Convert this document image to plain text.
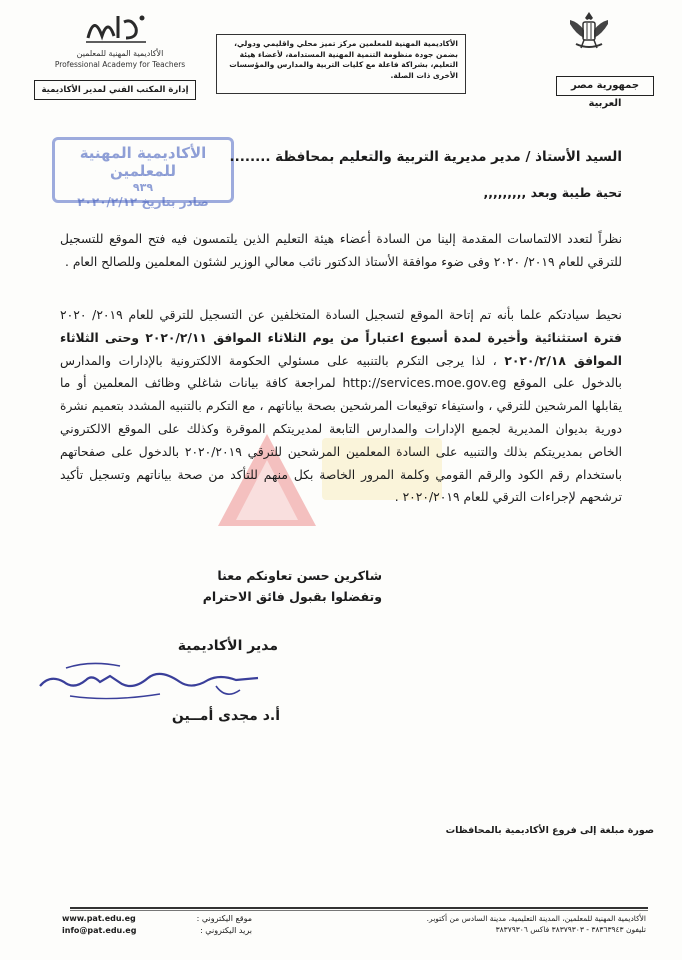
جمهورية مصر العربية
الأكاديمية المهنية للمعلمين مركز تميز محلي واقليمي ودولي، بضمن جودة منظومة التنمية المهنية المستدامة، لأعضاء هيئة التعليم، بشراكة فاعلة مع كليات التربية والمدارس والمؤسسات الأخرى ذات الصلة.
الأكاديمية المهنية للمعلمين
Professional Academy for Teachers
إدارة المكتب الفني لمدير الأكاديمية
الأكاديمية المهنية للمعلمين
٩٣٩
صادر بتاريخ ٢٠٢٠/٢/١٢
السيد الأستاذ / مدير مديرية التربية والتعليم بمحافظة ........
تحية طيبة وبعد ,,,,,,,,,
نظراً لتعدد الالتماسات المقدمة إلينا من السادة أعضاء هيئة التعليم الذين يلتمسون فيه فتح الموقع للتسجيل للترقي للعام ٢٠١٩/ ٢٠٢٠ وفى ضوء موافقة الأستاذ الدكتور نائب معالي الوزير لشئون المعلمين وللصالح العام .
نحيط سيادتكم علما بأنه تم إتاحة الموقع لتسجيل السادة المتخلفين عن التسجيل للترقي للعام ٢٠١٩/ ٢٠٢٠ فترة استثنائية وأخيرة لمدة أسبوع اعتباراً من يوم الثلاثاء الموافق ٢٠٢٠/٢/١١ وحتى الثلاثاء الموافق ٢٠٢٠/٢/١٨ ، لذا يرجى التكرم بالتنبيه على مسئولي الحكومة الالكترونية بالإدارات والمدارس بالدخول على الموقع http://services.moe.gov.eg لمراجعة كافة بيانات شاغلي وظائف المعلمين أو ما يقابلها المرشحين للترقي ، واستيفاء توقيعات المرشحين بصحة بياناتهم ، مع التكرم بالتنبيه المشدد بتعميم نشرة دورية بديوان المديرية لجميع الإدارات والمدارس التابعة لمديريتكم الموقرة وكذلك على الموقع الالكتروني الخاص بمديريتكم بذلك والتنبيه على السادة المعلمين المرشحين للترقي ٢٠٢٠/٢٠١٩ بالدخول على صفحاتهم باستخدام رقم الكود والرقم القومي وكلمة المرور الخاصة بكل منهم للتأكد من صحة بياناتهم وتسجيل تأكيد ترشحهم لإجراءات الترقي للعام ٢٠٢٠/٢٠١٩ .
شاكرين حسن تعاونكم معنا
وتفضلوا بقبول فائق الاحترام
مدير الأكاديمية
أ.د مجدى أمــين
صورة مبلغة إلى فروع الأكاديمية بالمحافظات
الأكاديمية المهنية للمعلمين، المدينة التعليمية، مدينة السادس من أكتوبر.
تليفون ٣٨٣٦٣٩٤٣ - ٣٨٣٧٩٣٠٣ فاكس ٣٨٣٧٩٣٠٦
www.pat.edu.eg	موقع اليكتروني :
info@pat.edu.eg	بريد اليكتروني :
